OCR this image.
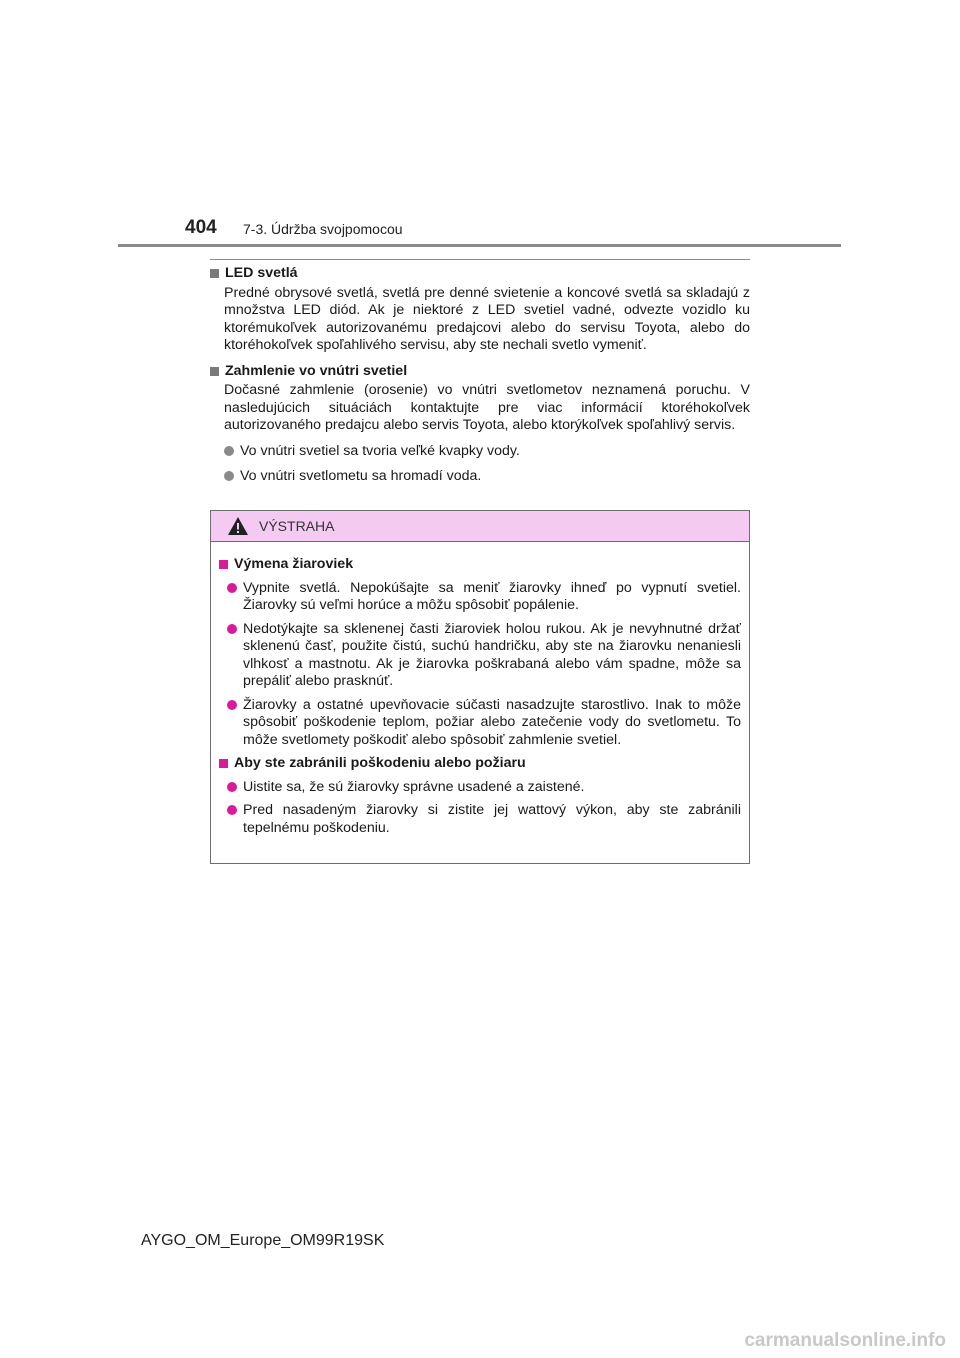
404 7-3. Údržba svojpomocou
LED svetlá
Predné obrysové svetlá, svetlá pre denné svietenie a koncové svetlá sa skladajú z množstva LED diód. Ak je niektoré z LED svetiel vadné, odvezte vozidlo ku ktorémukoľvek autorizovanému predajcovi alebo do servisu Toyota, alebo do ktoréhokoľvek spoľahlivého servisu, aby ste nechali svetlo vymeniť.
Zahmlenie vo vnútri svetiel
Dočasné zahmlenie (orosenie) vo vnútri svetlometov neznamená poruchu. V nasledujúcich situáciách kontaktujte pre viac informácií ktoréhokoľvek autorizovaného predajcu alebo servis Toyota, alebo ktorýkoľvek spoľahlivý servis.
Vo vnútri svetiel sa tvoria veľké kvapky vody.
Vo vnútri svetlometu sa hromadí voda.
VÝSTRAHA
Výmena žiaroviek
Vypnite svetlá. Nepokúšajte sa meniť žiarovky ihneď po vypnutí svetiel. Žiarovky sú veľmi horúce a môžu spôsobiť popálenie.
Nedotýkajte sa sklenenej časti žiaroviek holou rukou. Ak je nevyhnutné držať sklenenú časť, použite čistú, suchú handričku, aby ste na žiarovku nenaniesli vlhkosť a mastnotu. Ak je žiarovka poškrabaná alebo vám spadne, môže sa prepáliť alebo prasknúť.
Žiarovky a ostatné upevňovacie súčasti nasadzujte starostlivo. Inak to môže spôsobiť poškodenie teplom, požiar alebo zatečenie vody do svetlometu. To môže svetlomety poškodiť alebo spôsobiť zahmlenie svetiel.
Aby ste zabránili poškodeniu alebo požiaru
Uistite sa, že sú žiarovky správne usadené a zaistené.
Pred nasadeným žiarovky si zistite jej wattový výkon, aby ste zabránili tepelnému poškodeniu.
AYGO_OM_Europe_OM99R19SK
carmanualsonline.info
